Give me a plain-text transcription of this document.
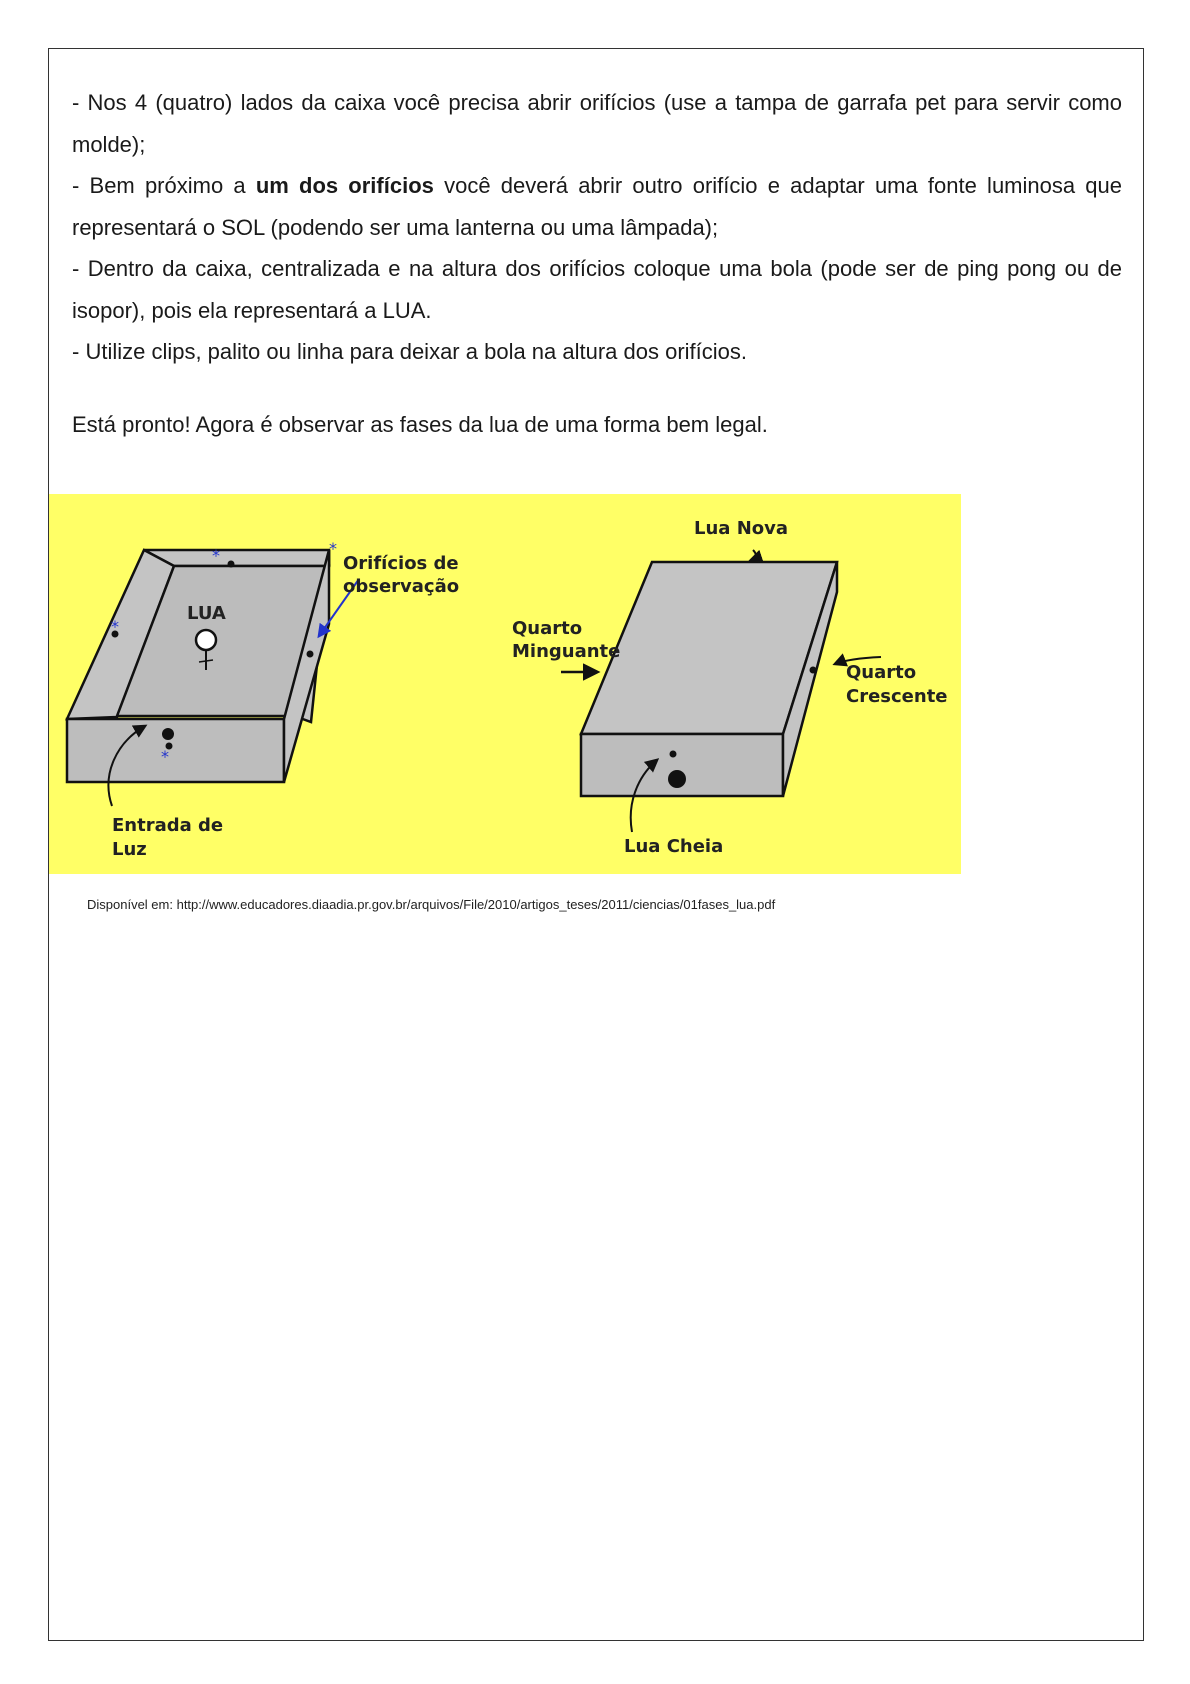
- Nos 4 (quatro) lados da caixa você precisa abrir orifícios (use a tampa de garrafa pet para servir como molde);

- Bem próximo a um dos orifícios você deverá abrir outro orifício e adaptar uma fonte luminosa que representará o SOL (podendo ser uma lanterna ou uma lâmpada);

- Dentro da caixa, centralizada e na altura dos orifícios coloque uma bola (pode ser de ping pong ou de isopor), pois ela representará a LUA.

- Utilize clips, palito ou linha para deixar a bola na altura dos orifícios.

Está pronto! Agora é observar as fases da lua de uma forma bem legal.
*
*
*
*
LUA
Orifícios de
observação
Entrada de
Luz
Lua Nova
Quarto
Minguante
Quarto
Crescente
Lua Cheia
Disponível em: http://www.educadores.diaadia.pr.gov.br/arquivos/File/2010/artigos_teses/2011/ciencias/01fases_lua.pdf
